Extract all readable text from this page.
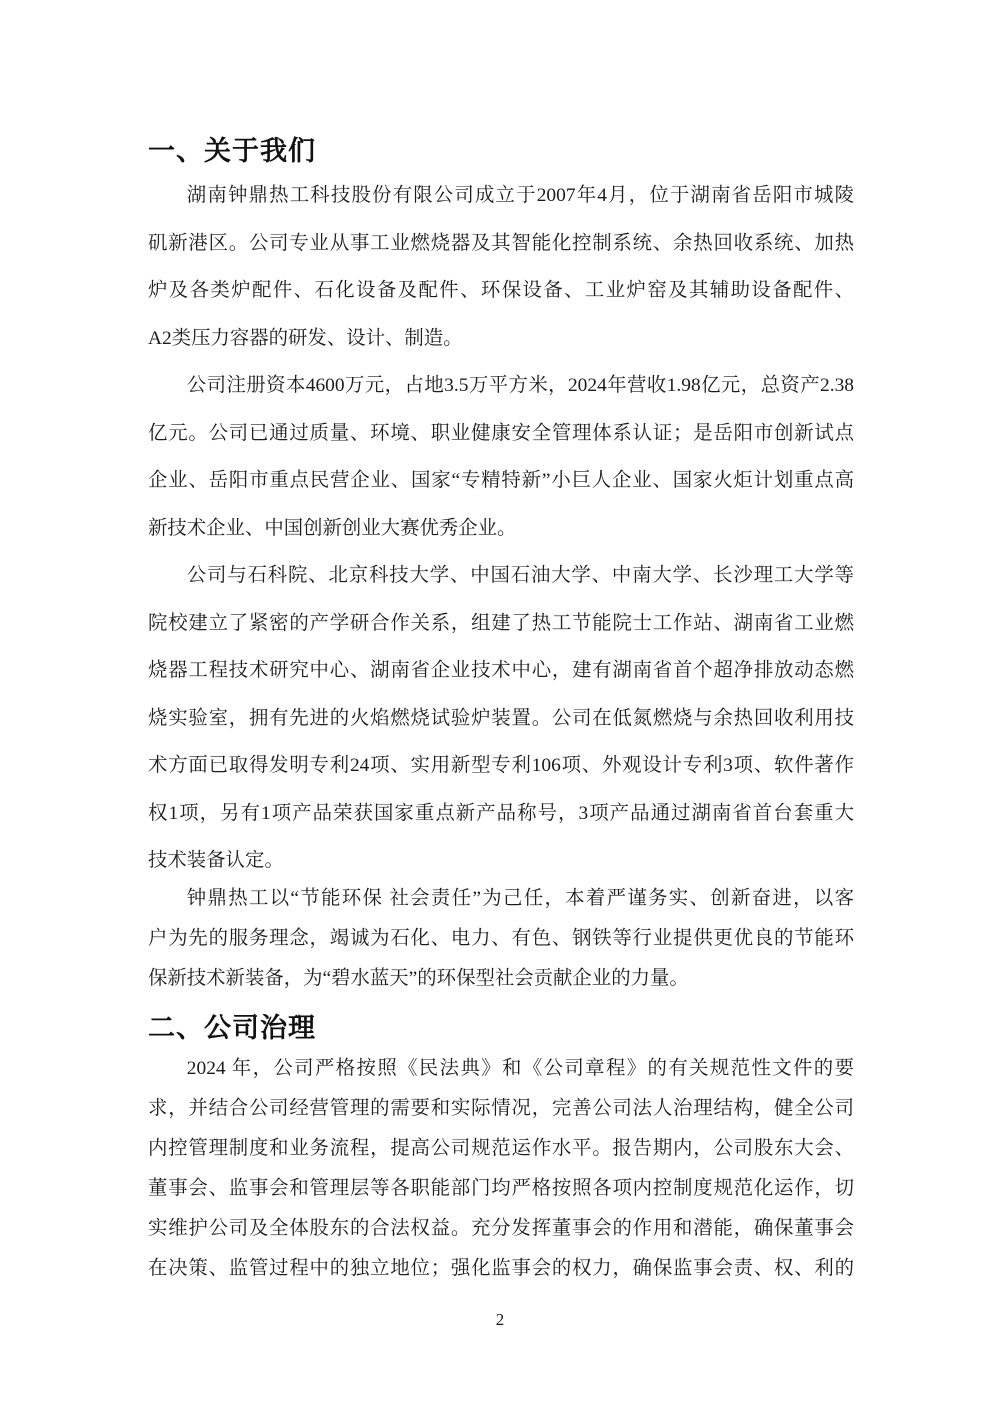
一、关于我们
湖南钟鼎热工科技股份有限公司成立于2007年4月，位于湖南省岳阳市城陵
矶新港区。公司专业从事工业燃烧器及其智能化控制系统、余热回收系统、加热
炉及各类炉配件、石化设备及配件、环保设备、工业炉窑及其辅助设备配件、
A2类压力容器的研发、设计、制造。
公司注册资本4600万元，占地3.5万平方米，2024年营收1.98亿元，总资产2.38
亿元。公司已通过质量、环境、职业健康安全管理体系认证；是岳阳市创新试点
企业、岳阳市重点民营企业、国家“专精特新”小巨人企业、国家火炬计划重点高
新技术企业、中国创新创业大赛优秀企业。
公司与石科院、北京科技大学、中国石油大学、中南大学、长沙理工大学等
院校建立了紧密的产学研合作关系，组建了热工节能院士工作站、湖南省工业燃
烧器工程技术研究中心、湖南省企业技术中心，建有湖南省首个超净排放动态燃
烧实验室，拥有先进的火焰燃烧试验炉装置。公司在低氮燃烧与余热回收利用技
术方面已取得发明专利24项、实用新型专利106项、外观设计专利3项、软件著作
权1项，另有1项产品荣获国家重点新产品称号，3项产品通过湖南省首台套重大
技术装备认定。
钟鼎热工以“节能环保 社会责任”为己任，本着严谨务实、创新奋进，以客
户为先的服务理念，竭诚为石化、电力、有色、钢铁等行业提供更优良的节能环
保新技术新装备，为“碧水蓝天”的环保型社会贡献企业的力量。
二、公司治理
2024 年，公司严格按照《民法典》和《公司章程》的有关规范性文件的要
求，并结合公司经营管理的需要和实际情况，完善公司法人治理结构，健全公司
内控管理制度和业务流程，提高公司规范运作水平。报告期内，公司股东大会、
董事会、监事会和管理层等各职能部门均严格按照各项内控制度规范化运作，切
实维护公司及全体股东的合法权益。充分发挥董事会的作用和潜能，确保董事会
在决策、监管过程中的独立地位；强化监事会的权力，确保监事会责、权、利的
2
